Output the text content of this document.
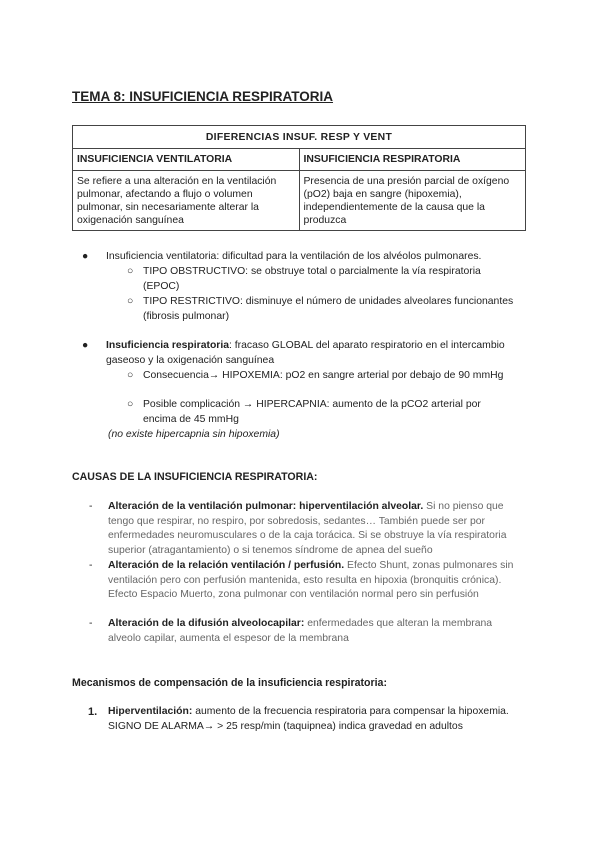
TEMA 8: INSUFICIENCIA RESPIRATORIA
DIFERENCIAS INSUF. RESP Y VENT	
INSUFICIENCIA VENTILATORIA	INSUFICIENCIA RESPIRATORIA
Se refiere a una alteración en la ventilación pulmonar, afectando a flujo o volumen pulmonar, sin necesariamente alterar la oxigenación sanguínea	Presencia de una presión parcial de oxígeno (pO2) baja en sangre (hipoxemia), independientemente de la causa que la produzca
● Insuficiencia ventilatoria: dificultad para la ventilación de los alvéolos pulmonares.
○ TIPO OBSTRUCTIVO: se obstruye total o parcialmente la vía respiratoria (EPOC)
○ TIPO RESTRICTIVO: disminuye el número de unidades alveolares funcionantes (fibrosis pulmonar)
● Insuficiencia respiratoria: fracaso GLOBAL del aparato respiratorio en el intercambio gaseoso y la oxigenación sanguínea
○ Consecuencia→ HIPOXEMIA: pO2 en sangre arterial por debajo de 90 mmHg
○ Posible complicación → HIPERCAPNIA: aumento de la pCO2 arterial por encima de 45 mmHg
(no existe hipercapnia sin hipoxemia)
CAUSAS DE LA INSUFICIENCIA RESPIRATORIA:
- Alteración de la ventilación pulmonar: hiperventilación alveolar. Si no pienso que tengo que respirar, no respiro, por sobredosis, sedantes… También puede ser por enfermedades neuromusculares o de la caja torácica. Si se obstruye la vía respiratoria superior (atragantamiento) o si tenemos síndrome de apnea del sueño
- Alteración de la relación ventilación / perfusión. Efecto Shunt, zonas pulmonares sin ventilación pero con perfusión mantenida, esto resulta en hipoxia (bronquitis crónica). Efecto Espacio Muerto, zona pulmonar con ventilación normal pero sin perfusión
- Alteración de la difusión alveolocapilar: enfermedades que alteran la membrana alveolo capilar, aumenta el espesor de la membrana
Mecanismos de compensación de la insuficiencia respiratoria:
1. Hiperventilación: aumento de la frecuencia respiratoria para compensar la hipoxemia. SIGNO DE ALARMA→ > 25 resp/min (taquipnea) indica gravedad en adultos
